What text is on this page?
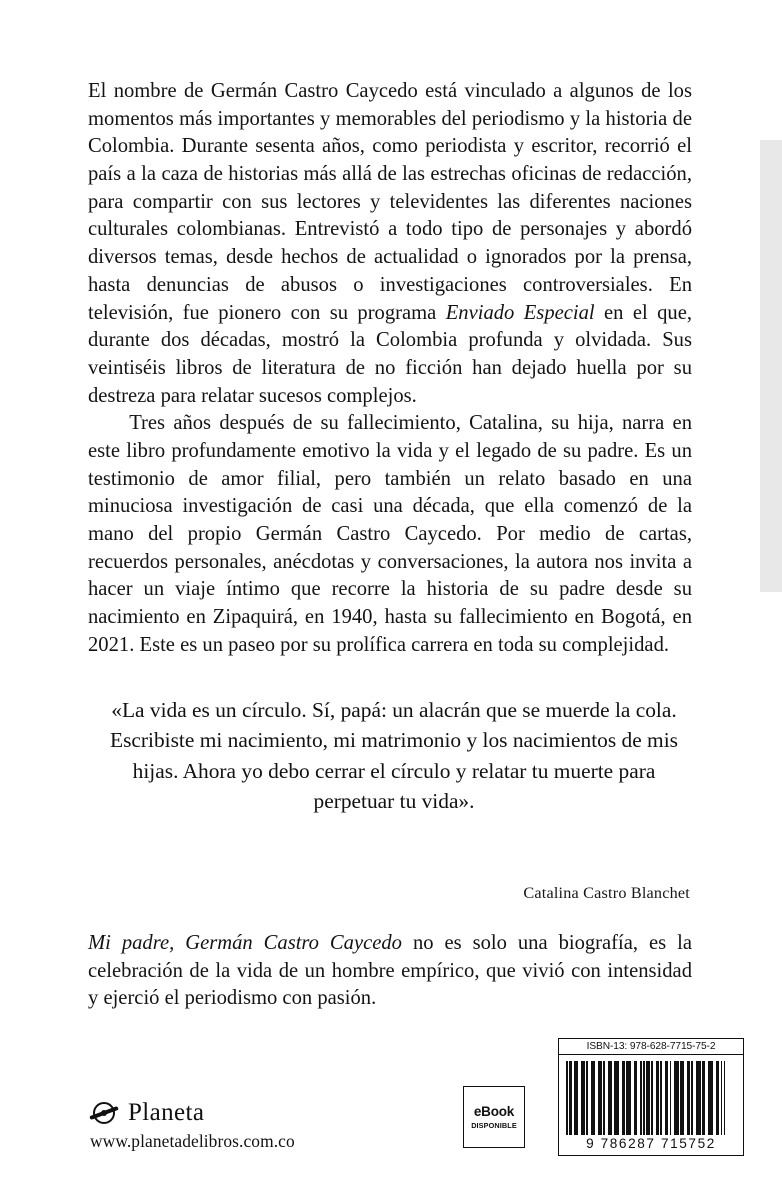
El nombre de Germán Castro Caycedo está vinculado a algunos de los momentos más importantes y memorables del periodismo y la historia de Colombia. Durante sesenta años, como periodista y escritor, recorrió el país a la caza de historias más allá de las estrechas oficinas de redacción, para compartir con sus lectores y televidentes las diferentes naciones culturales colombianas. Entrevistó a todo tipo de personajes y abordó diversos temas, desde hechos de actualidad o ignorados por la prensa, hasta denuncias de abusos o investigaciones controversiales. En televisión, fue pionero con su programa Enviado Especial en el que, durante dos décadas, mostró la Colombia profunda y olvidada. Sus veintiséis libros de literatura de no ficción han dejado huella por su destreza para relatar sucesos complejos.

Tres años después de su fallecimiento, Catalina, su hija, narra en este libro profundamente emotivo la vida y el legado de su padre. Es un testimonio de amor filial, pero también un relato basado en una minuciosa investigación de casi una década, que ella comenzó de la mano del propio Germán Castro Caycedo. Por medio de cartas, recuerdos personales, anécdotas y conversaciones, la autora nos invita a hacer un viaje íntimo que recorre la historia de su padre desde su nacimiento en Zipaquirá, en 1940, hasta su fallecimiento en Bogotá, en 2021. Este es un paseo por su prolífica carrera en toda su complejidad.

«La vida es un círculo. Sí, papá: un alacrán que se muerde la cola. Escribiste mi nacimiento, mi matrimonio y los nacimientos de mis hijas. Ahora yo debo cerrar el círculo y relatar tu muerte para perpetuar tu vida».
Catalina Castro Blanchet
Mi padre, Germán Castro Caycedo no es solo una biografía, es la celebración de la vida de un hombre empírico, que vivió con intensidad y ejerció el periodismo con pasión.
Planeta
www.planetadelibros.com.co
eBook
DISPONIBLE
ISBN-13: 978-628-7715-75-2
9 786287 715752
